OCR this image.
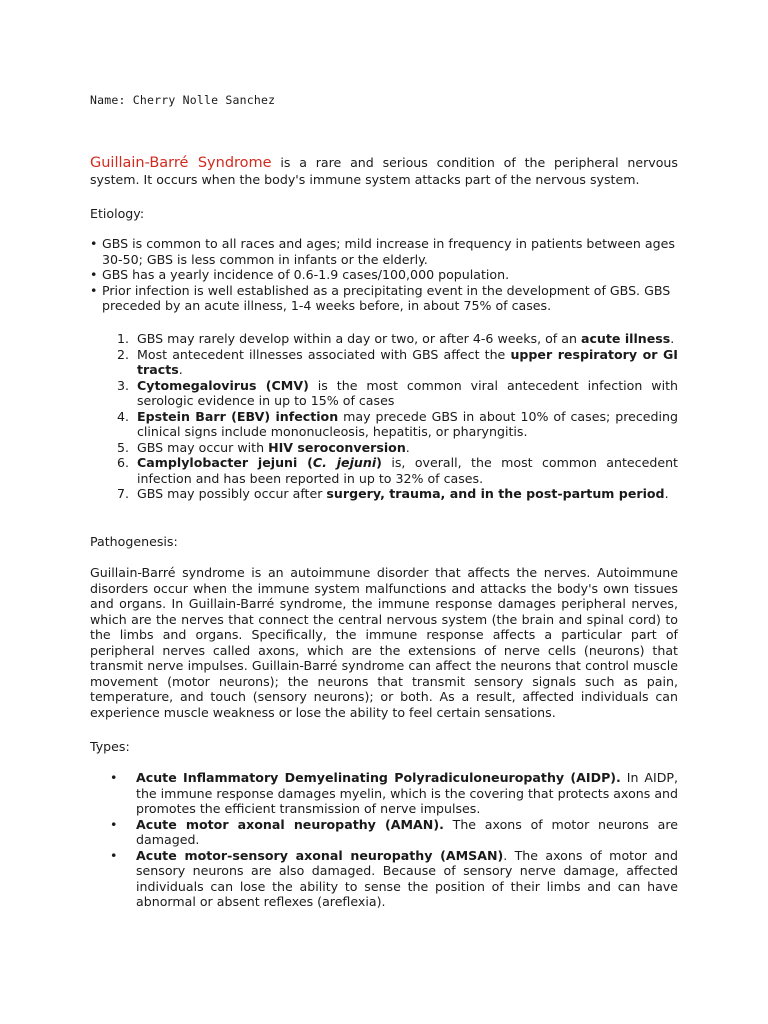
Name: Cherry Nolle Sanchez
Guillain-Barré Syndrome is a rare and serious condition of the peripheral nervous system. It occurs when the body's immune system attacks part of the nervous system.
Etiology:
• GBS is common to all races and ages; mild increase in frequency in patients between ages 30-50; GBS is less common in infants or the elderly.
• GBS has a yearly incidence of 0.6-1.9 cases/100,000 population.
• Prior infection is well established as a precipitating event in the development of GBS. GBS preceded by an acute illness, 1-4 weeks before, in about 75% of cases.
1. GBS may rarely develop within a day or two, or after 4-6 weeks, of an acute illness.
2. Most antecedent illnesses associated with GBS affect the upper respiratory or GI tracts.
3. Cytomegalovirus (CMV) is the most common viral antecedent infection with serologic evidence in up to 15% of cases
4. Epstein Barr (EBV) infection may precede GBS in about 10% of cases; preceding clinical signs include mononucleosis, hepatitis, or pharyngitis.
5. GBS may occur with HIV seroconversion.
6. Camplylobacter jejuni (C. jejuni) is, overall, the most common antecedent infection and has been reported in up to 32% of cases.
7. GBS may possibly occur after surgery, trauma, and in the post-partum period.
Pathogenesis:
Guillain-Barré syndrome is an autoimmune disorder that affects the nerves. Autoimmune disorders occur when the immune system malfunctions and attacks the body's own tissues and organs. In Guillain-Barré syndrome, the immune response damages peripheral nerves, which are the nerves that connect the central nervous system (the brain and spinal cord) to the limbs and organs. Specifically, the immune response affects a particular part of peripheral nerves called axons, which are the extensions of nerve cells (neurons) that transmit nerve impulses. Guillain-Barré syndrome can affect the neurons that control muscle movement (motor neurons); the neurons that transmit sensory signals such as pain, temperature, and touch (sensory neurons); or both. As a result, affected individuals can experience muscle weakness or lose the ability to feel certain sensations.
Types:
• Acute Inflammatory Demyelinating Polyradiculoneuropathy (AIDP). In AIDP, the immune response damages myelin, which is the covering that protects axons and promotes the efficient transmission of nerve impulses.
• Acute motor axonal neuropathy (AMAN). The axons of motor neurons are damaged.
• Acute motor-sensory axonal neuropathy (AMSAN). The axons of motor and sensory neurons are also damaged. Because of sensory nerve damage, affected individuals can lose the ability to sense the position of their limbs and can have abnormal or absent reflexes (areflexia).
